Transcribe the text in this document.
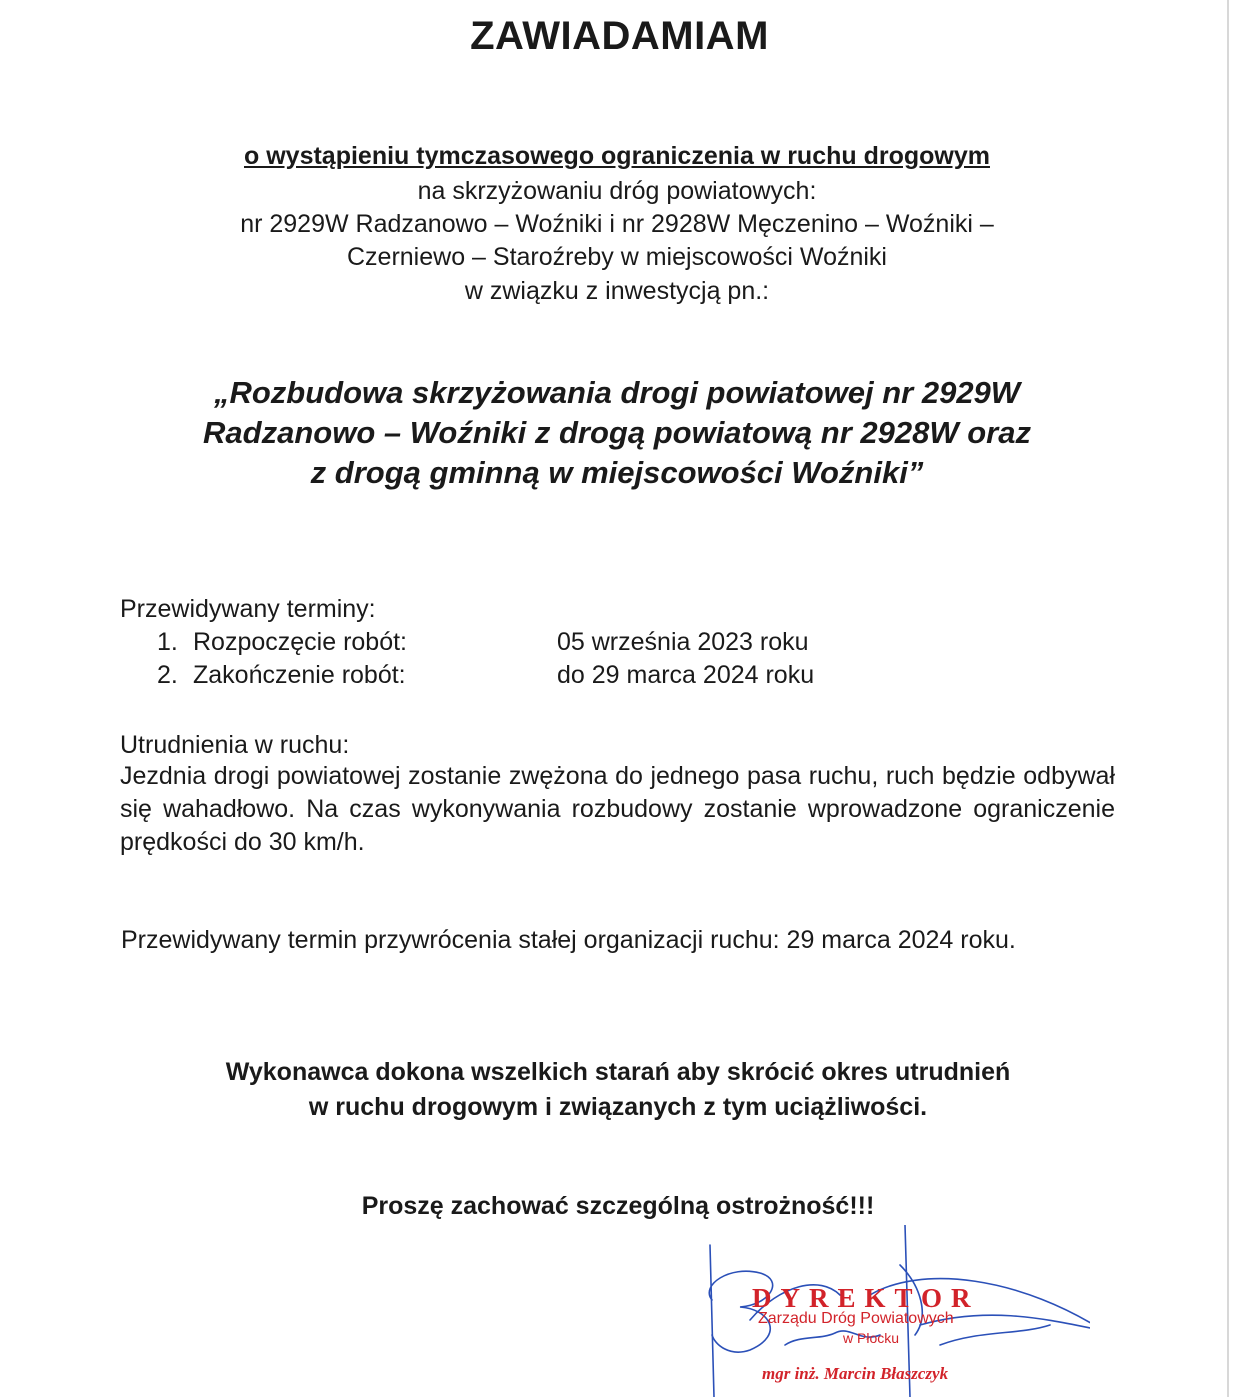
ZAWIADAMIAM
o wystąpieniu tymczasowego ograniczenia w ruchu drogowym
na skrzyżowaniu dróg powiatowych:
nr 2929W Radzanowo – Woźniki i nr 2928W Męczenino – Woźniki –
Czerniewo – Staroźreby w miejscowości Woźniki
w związku z inwestycją pn.:
„Rozbudowa skrzyżowania drogi powiatowej nr 2929W
Radzanowo – Woźniki z drogą powiatową nr 2928W oraz
z drogą gminną w miejscowości Woźniki”
Przewidywany terminy:
1. Rozpoczęcie robót:	05 września 2023 roku
2. Zakończenie robót:	do 29 marca 2024 roku
Utrudnienia w ruchu:
Jezdnia drogi powiatowej zostanie zwężona do jednego pasa ruchu, ruch będzie odbywał się wahadłowo. Na czas wykonywania rozbudowy zostanie wprowadzone ograniczenie prędkości do 30 km/h.
Przewidywany termin przywrócenia stałej organizacji ruchu: 29 marca 2024 roku.
Wykonawca dokona wszelkich starań aby skrócić okres utrudnień
w ruchu drogowym i związanych z tym uciążliwości.
Proszę zachować szczególną ostrożność!!!
DYREKTOR
Zarządu Dróg Powiatowych
w Płocku
mgr inż. Marcin Błaszczyk
